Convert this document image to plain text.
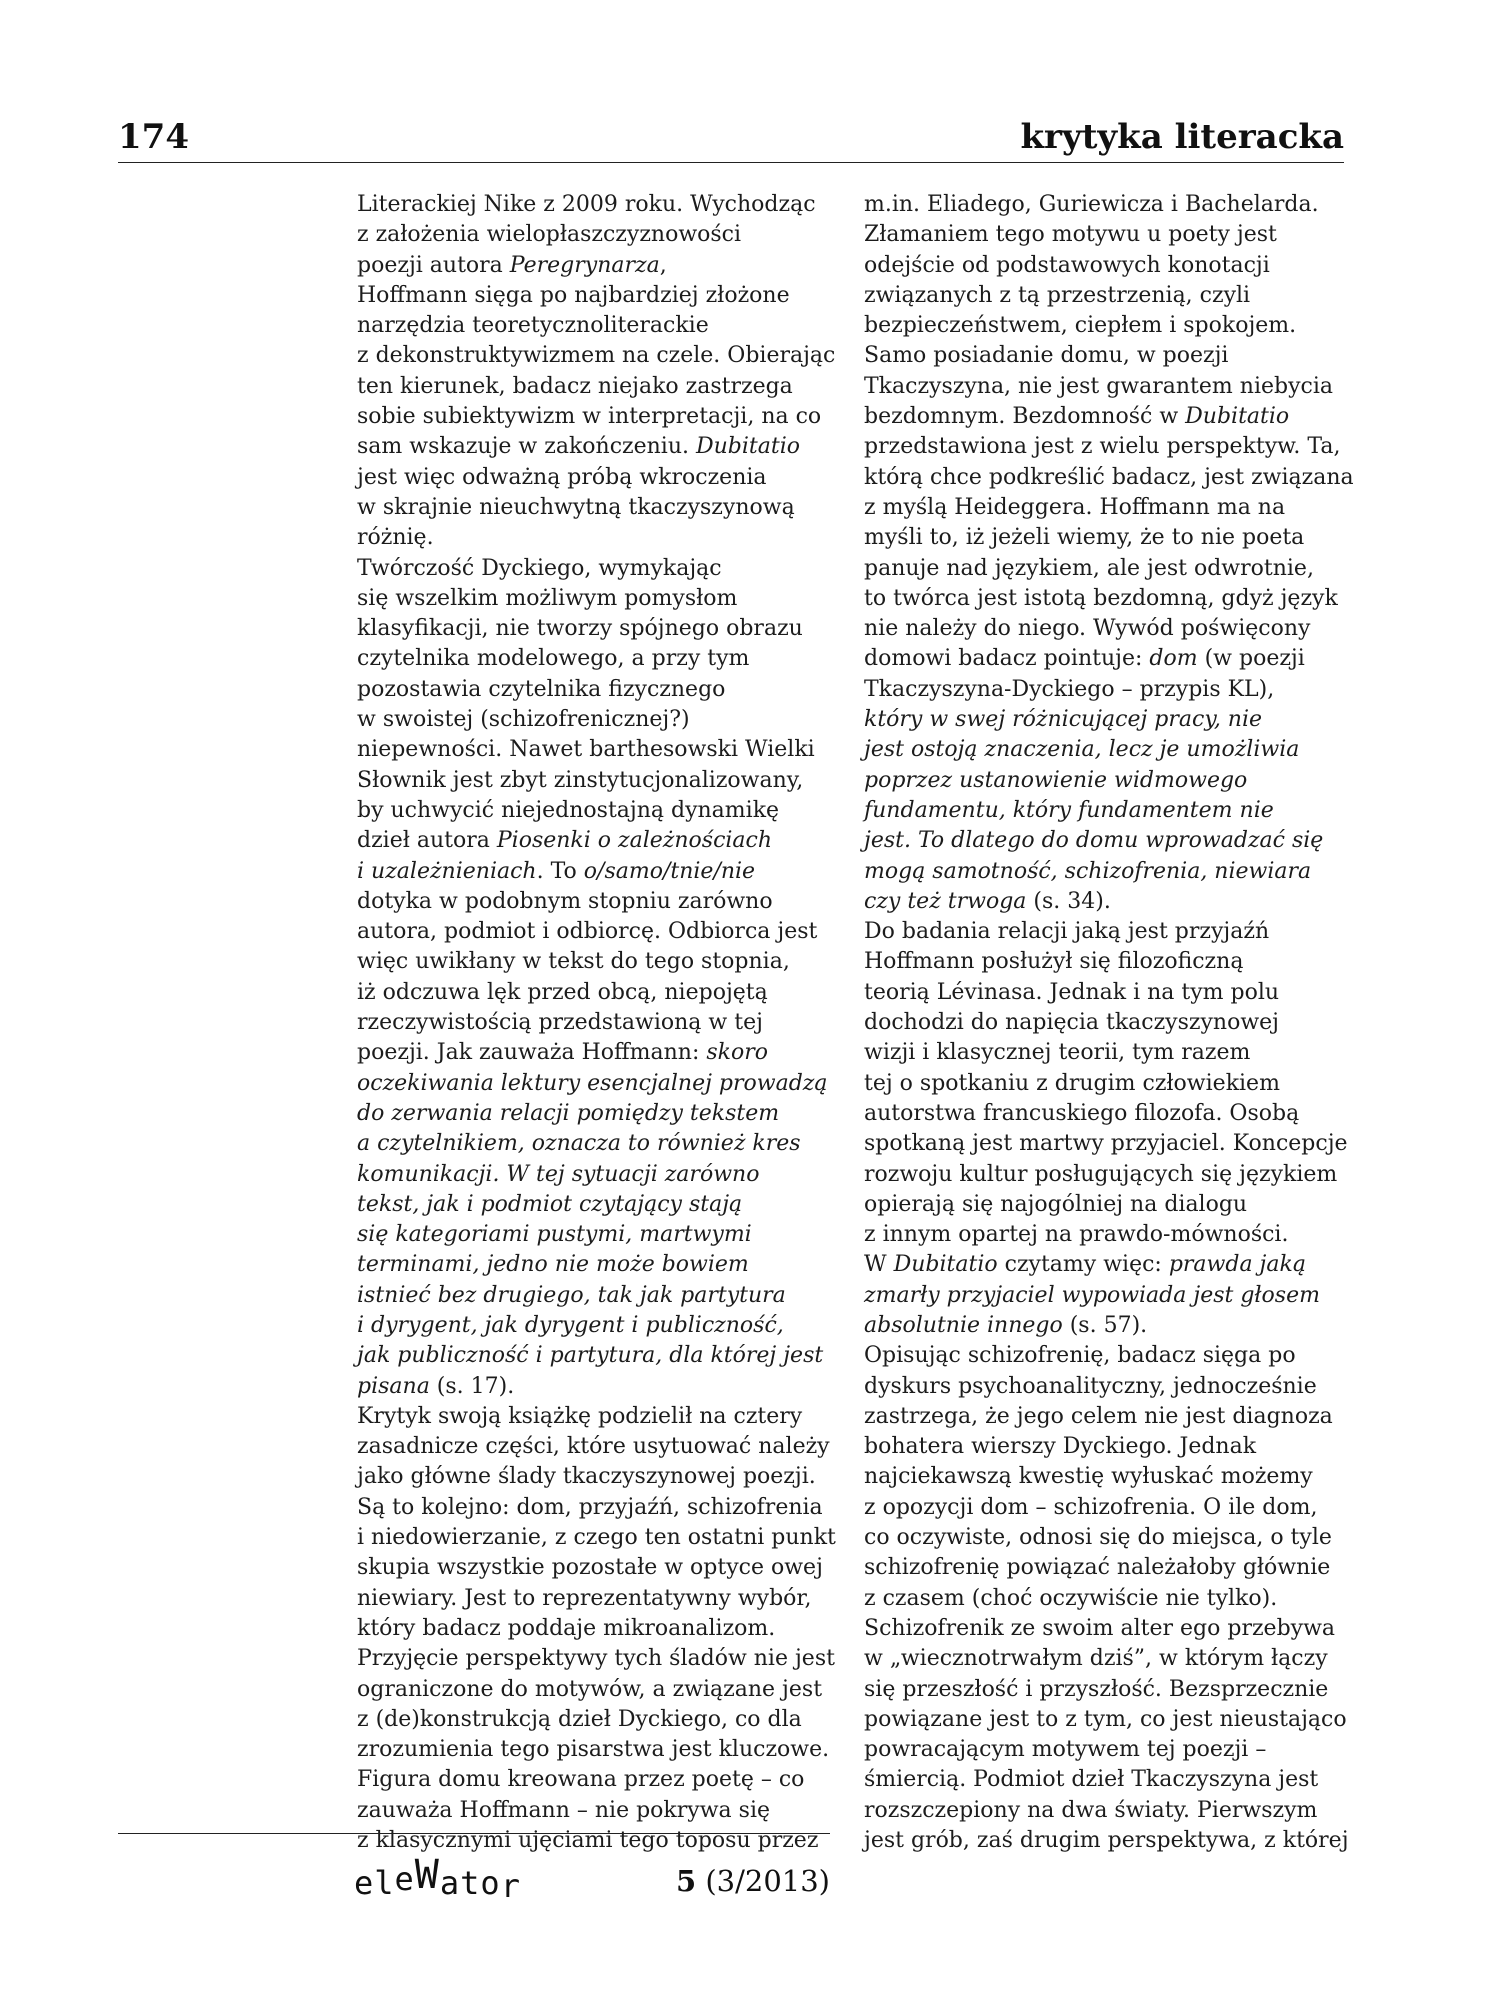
174	krytyka literacka
Literackiej Nike z 2009 roku. Wychodząc
z założenia wielopłaszczyznowości
poezji autora Peregrynarza,
Hoffmann sięga po najbardziej złożone
narzędzia teoretycznoliterackie
z dekonstruktywizmem na czele. Obierając
ten kierunek, badacz niejako zastrzega
sobie subiektywizm w interpretacji, na co
sam wskazuje w zakończeniu. Dubitatio
jest więc odważną próbą wkroczenia
w skrajnie nieuchwytną tkaczyszynową
różnię.
Twórczość Dyckiego, wymykając
się wszelkim możliwym pomysłom
klasyfikacji, nie tworzy spójnego obrazu
czytelnika modelowego, a przy tym
pozostawia czytelnika fizycznego
w swoistej (schizofrenicznej?)
niepewności. Nawet barthesowski Wielki
Słownik jest zbyt zinstytucjonalizowany,
by uchwycić niejednostajną dynamikę
dzieł autora Piosenki o zależnościach
i uzależnieniach. To o/samo/tnie/nie
dotyka w podobnym stopniu zarówno
autora, podmiot i odbiorcę. Odbiorca jest
więc uwikłany w tekst do tego stopnia,
iż odczuwa lęk przed obcą, niepojętą
rzeczywistością przedstawioną w tej
poezji. Jak zauważa Hoffmann: skoro
oczekiwania lektury esencjalnej prowadzą
do zerwania relacji pomiędzy tekstem
a czytelnikiem, oznacza to również kres
komunikacji. W tej sytuacji zarówno
tekst, jak i podmiot czytający stają
się kategoriami pustymi, martwymi
terminami, jedno nie może bowiem
istnieć bez drugiego, tak jak partytura
i dyrygent, jak dyrygent i publiczność,
jak publiczność i partytura, dla której jest
pisana (s. 17).
Krytyk swoją książkę podzielił na cztery
zasadnicze części, które usytuować należy
jako główne ślady tkaczyszynowej poezji.
Są to kolejno: dom, przyjaźń, schizofrenia
i niedowierzanie, z czego ten ostatni punkt
skupia wszystkie pozostałe w optyce owej
niewiary. Jest to reprezentatywny wybór,
który badacz poddaje mikroanalizom.
Przyjęcie perspektywy tych śladów nie jest
ograniczone do motywów, a związane jest
z (de)konstrukcją dzieł Dyckiego, co dla
zrozumienia tego pisarstwa jest kluczowe.
Figura domu kreowana przez poetę – co
zauważa Hoffmann – nie pokrywa się
z klasycznymi ujęciami tego toposu przez
m.in. Eliadego, Guriewicza i Bachelarda.
Złamaniem tego motywu u poety jest
odejście od podstawowych konotacji
związanych z tą przestrzenią, czyli
bezpieczeństwem, ciepłem i spokojem.
Samo posiadanie domu, w poezji
Tkaczyszyna, nie jest gwarantem niebycia
bezdomnym. Bezdomność w Dubitatio
przedstawiona jest z wielu perspektyw. Ta,
którą chce podkreślić badacz, jest związana
z myślą Heideggera. Hoffmann ma na
myśli to, iż jeżeli wiemy, że to nie poeta
panuje nad językiem, ale jest odwrotnie,
to twórca jest istotą bezdomną, gdyż język
nie należy do niego. Wywód poświęcony
domowi badacz pointuje: dom (w poezji
Tkaczyszyna-Dyckiego – przypis KL),
który w swej różnicującej pracy, nie
jest ostoją znaczenia, lecz je umożliwia
poprzez ustanowienie widmowego
fundamentu, który fundamentem nie
jest. To dlatego do domu wprowadzać się
mogą samotność, schizofrenia, niewiara
czy też trwoga (s. 34).
Do badania relacji jaką jest przyjaźń
Hoffmann posłużył się filozoficzną
teorią Lévinasa. Jednak i na tym polu
dochodzi do napięcia tkaczyszynowej
wizji i klasycznej teorii, tym razem
tej o spotkaniu z drugim człowiekiem
autorstwa francuskiego filozofa. Osobą
spotkaną jest martwy przyjaciel. Koncepcje
rozwoju kultur posługujących się językiem
opierają się najogólniej na dialogu
z innym opartej na prawdo-mówności.
W Dubitatio czytamy więc: prawda jaką
zmarły przyjaciel wypowiada jest głosem
absolutnie innego (s. 57).
Opisując schizofrenię, badacz sięga po
dyskurs psychoanalityczny, jednocześnie
zastrzega, że jego celem nie jest diagnoza
bohatera wierszy Dyckiego. Jednak
najciekawszą kwestię wyłuskać możemy
z opozycji dom – schizofrenia. O ile dom,
co oczywiste, odnosi się do miejsca, o tyle
schizofrenię powiązać należałoby głównie
z czasem (choć oczywiście nie tylko).
Schizofrenik ze swoim alter ego przebywa
w „wiecznotrwałym dziś”, w którym łączy
się przeszłość i przyszłość. Bezsprzecznie
powiązane jest to z tym, co jest nieustająco
powracającym motywem tej poezji –
śmiercią. Podmiot dzieł Tkaczyszyna jest
rozszczepiony na dwa światy. Pierwszym
jest grób, zaś drugim perspektywa, z której
eleWator	5 (3/2013)
